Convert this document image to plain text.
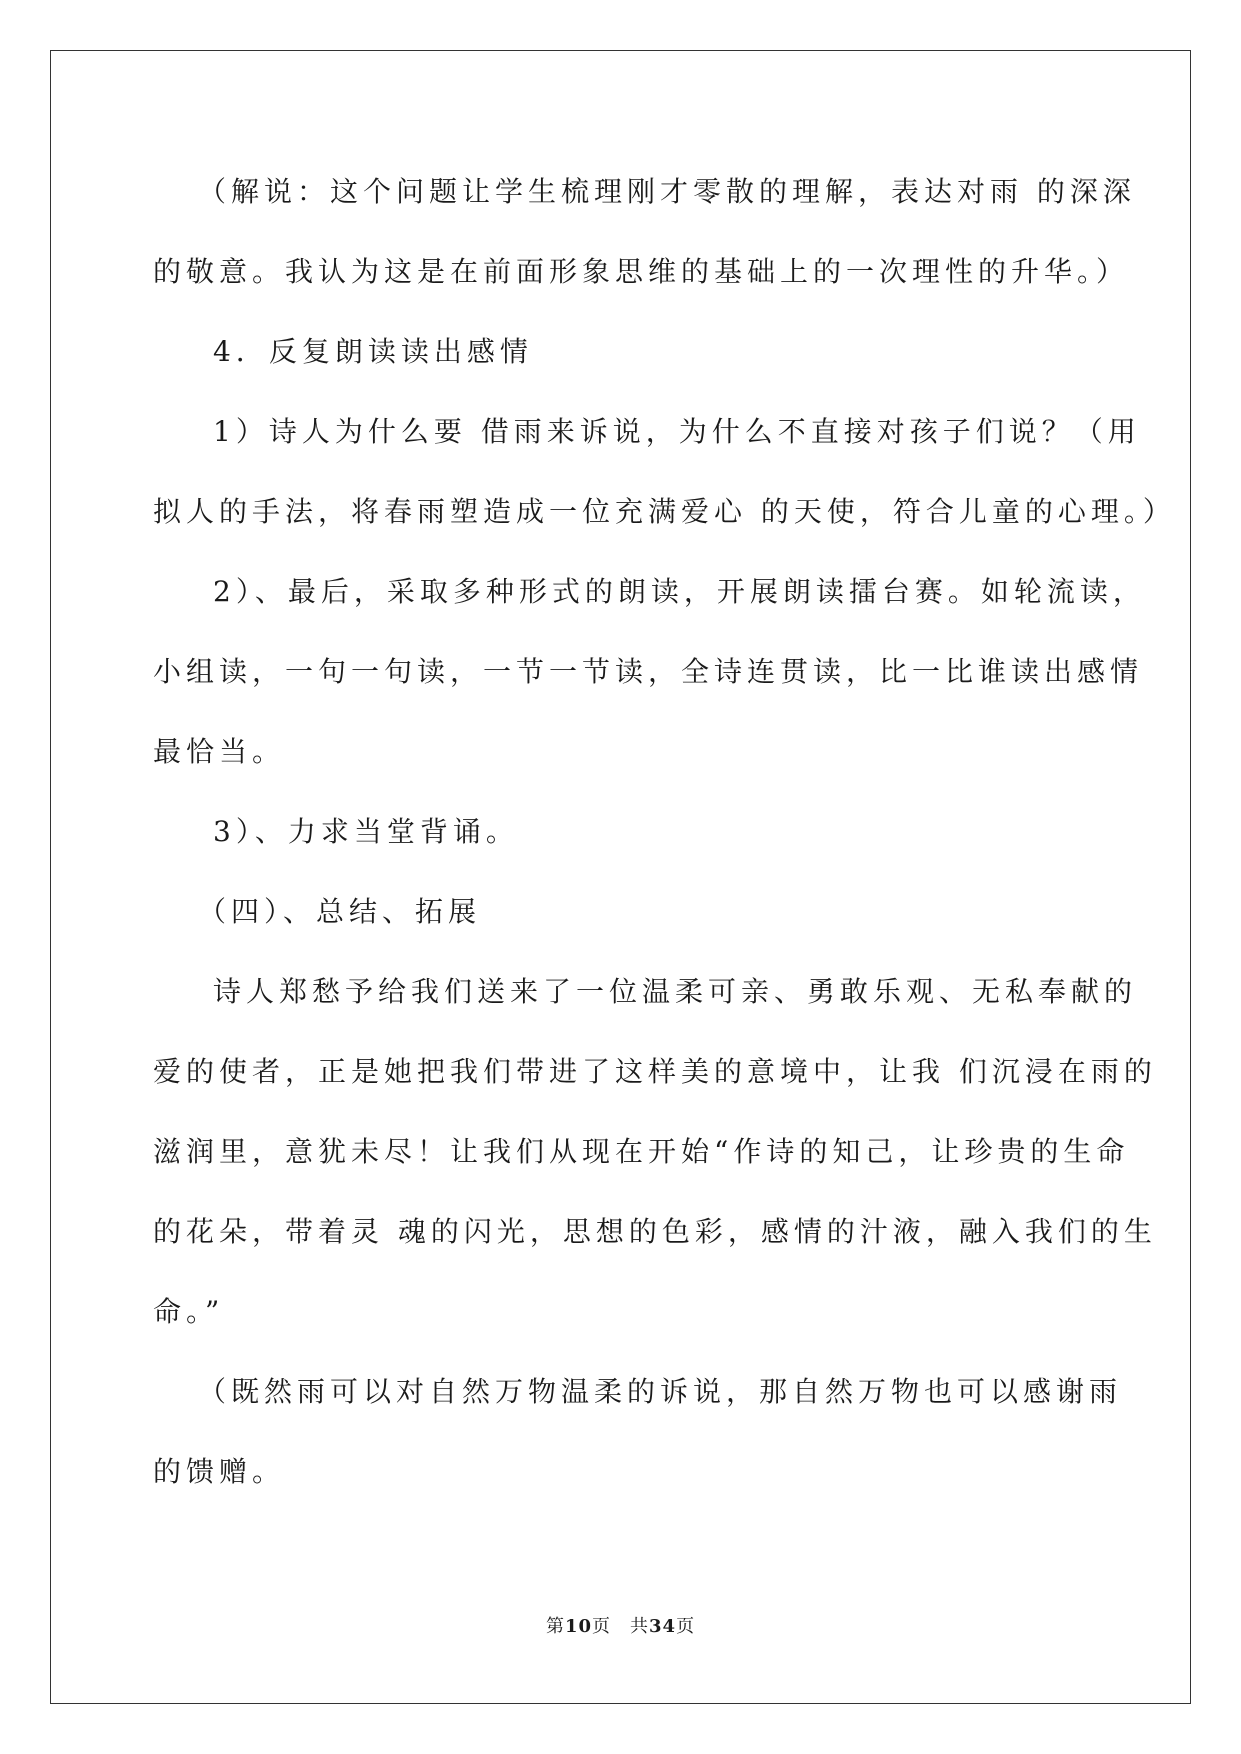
（解说：这个问题让学生梳理刚才零散的理解，表达对雨 的深深
的敬意。我认为这是在前面形象思维的基础上的一次理性的升华。）
4．反复朗读读出感情
1）诗人为什么要 借雨来诉说，为什么不直接对孩子们说？（用
拟人的手法，将春雨塑造成一位充满爱心 的天使，符合儿童的心理。）
2）、最后，采取多种形式的朗读，开展朗读擂台赛。如轮流读，
小组读，一句一句读，一节一节读，全诗连贯读，比一比谁读出感情
最恰当。
3）、力求当堂背诵。
（四）、总结、拓展
诗人郑愁予给我们送来了一位温柔可亲、勇敢乐观、无私奉献的
爱的使者，正是她把我们带进了这样美的意境中，让我 们沉浸在雨的
滋润里，意犹未尽！让我们从现在开始“作诗的知己，让珍贵的生命
的花朵，带着灵 魂的闪光，思想的色彩，感情的汁液，融入我们的生
命。”
（既然雨可以对自然万物温柔的诉说，那自然万物也可以感谢雨
的馈赠。
第10页　共34页
